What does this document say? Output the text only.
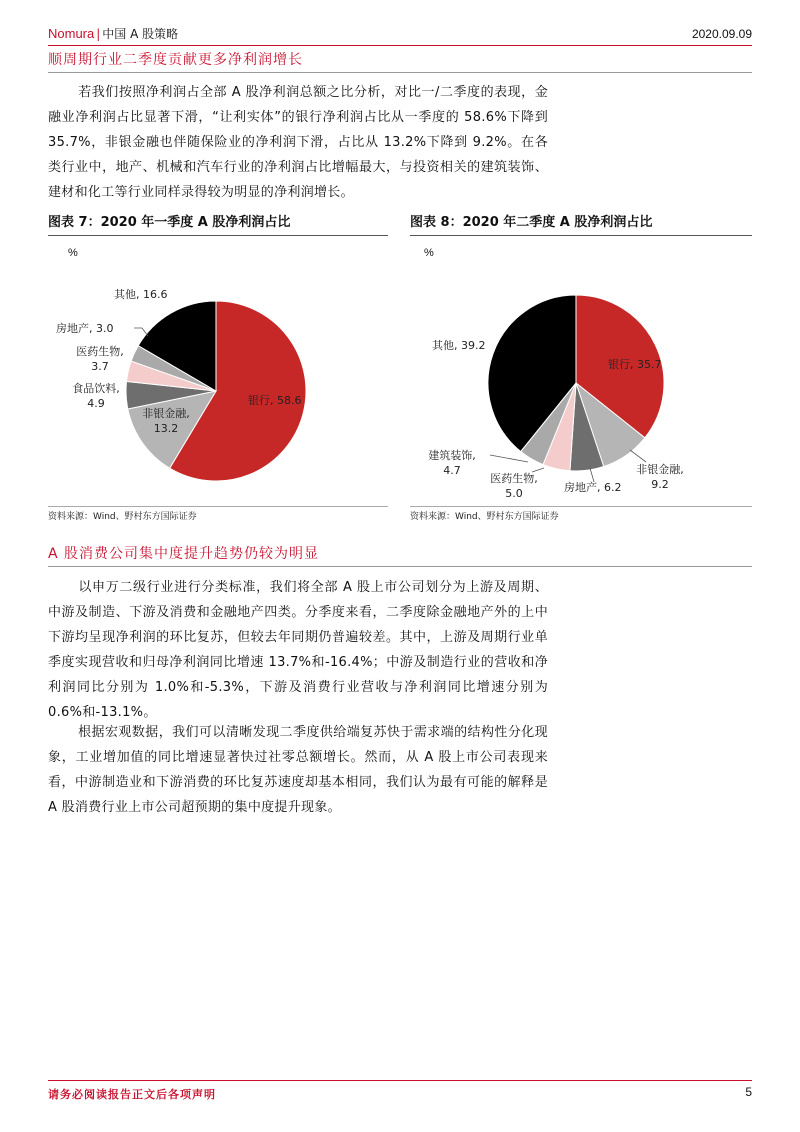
Nomura | 中国 A 股策略	2020.09.09
顺周期行业二季度贡献更多净利润增长
若我们按照净利润占全部 A 股净利润总额之比分析，对比一/二季度的表现，金融业净利润占比显著下滑，“让利实体”的银行净利润占比从一季度的 58.6%下降到 35.7%，非银金融也伴随保险业的净利润下滑，占比从 13.2%下降到 9.2%。在各类行业中，地产、机械和汽车行业的净利润占比增幅最大，与投资相关的建筑装饰、建材和化工等行业同样录得较为明显的净利润增长。
图表 7：2020 年一季度 A 股净利润占比
%
银行, 58.6
非银金融,
13.2
食品饮料,
4.9
医药生物,
3.7
房地产, 3.0
其他, 16.6
资料来源：Wind、野村东方国际证券
图表 8：2020 年二季度 A 股净利润占比
%
银行, 35.7
非银金融,
9.2
房地产, 6.2
医药生物,
5.0
建筑装饰,
4.7
其他, 39.2
资料来源：Wind、野村东方国际证券
A 股消费公司集中度提升趋势仍较为明显
以申万二级行业进行分类标准，我们将全部 A 股上市公司划分为上游及周期、中游及制造、下游及消费和金融地产四类。分季度来看，二季度除金融地产外的上中下游均呈现净利润的环比复苏，但较去年同期仍普遍较差。其中，上游及周期行业单季度实现营收和归母净利润同比增速 13.7%和-16.4%；中游及制造行业的营收和净利润同比分别为 1.0%和-5.3%，下游及消费行业营收与净利润同比增速分别为 0.6%和-13.1%。
根据宏观数据，我们可以清晰发现二季度供给端复苏快于需求端的结构性分化现象，工业增加值的同比增速显著快过社零总额增长。然而，从 A 股上市公司表现来看，中游制造业和下游消费的环比复苏速度却基本相同，我们认为最有可能的解释是 A 股消费行业上市公司超预期的集中度提升现象。
请务必阅读报告正文后各项声明	5
